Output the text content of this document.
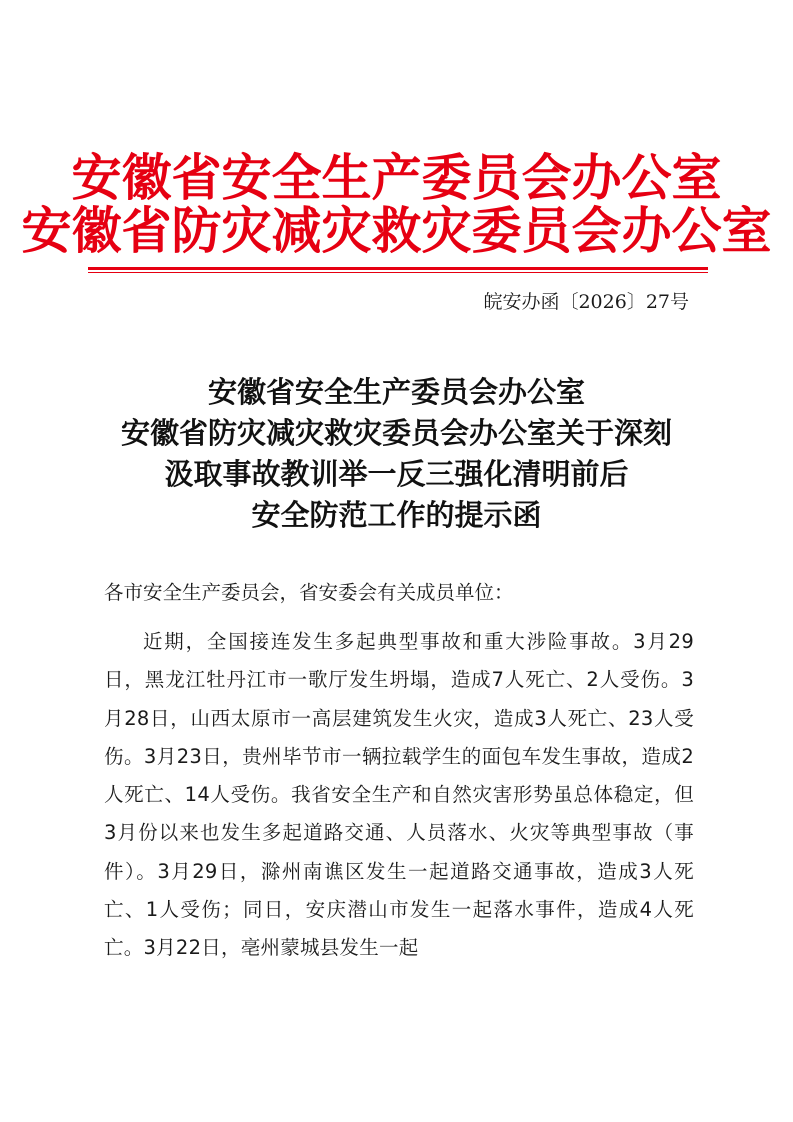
安徽省安全生产委员会办公室
安徽省防灾减灾救灾委员会办公室
皖安办函〔2026〕27号
安徽省安全生产委员会办公室
安徽省防灾减灾救灾委员会办公室关于深刻
汲取事故教训举一反三强化清明前后
安全防范工作的提示函
各市安全生产委员会，省安委会有关成员单位：
近期，全国接连发生多起典型事故和重大涉险事故。3月29日，黑龙江牡丹江市一歌厅发生坍塌，造成7人死亡、2人受伤。3月28日，山西太原市一高层建筑发生火灾，造成3人死亡、23人受伤。3月23日，贵州毕节市一辆拉载学生的面包车发生事故，造成2人死亡、14人受伤。我省安全生产和自然灾害形势虽总体稳定，但3月份以来也发生多起道路交通、人员落水、火灾等典型事故（事件）。3月29日，滁州南谯区发生一起道路交通事故，造成3人死亡、1人受伤；同日，安庆潜山市发生一起落水事件，造成4人死亡。3月22日，亳州蒙城县发生一起
